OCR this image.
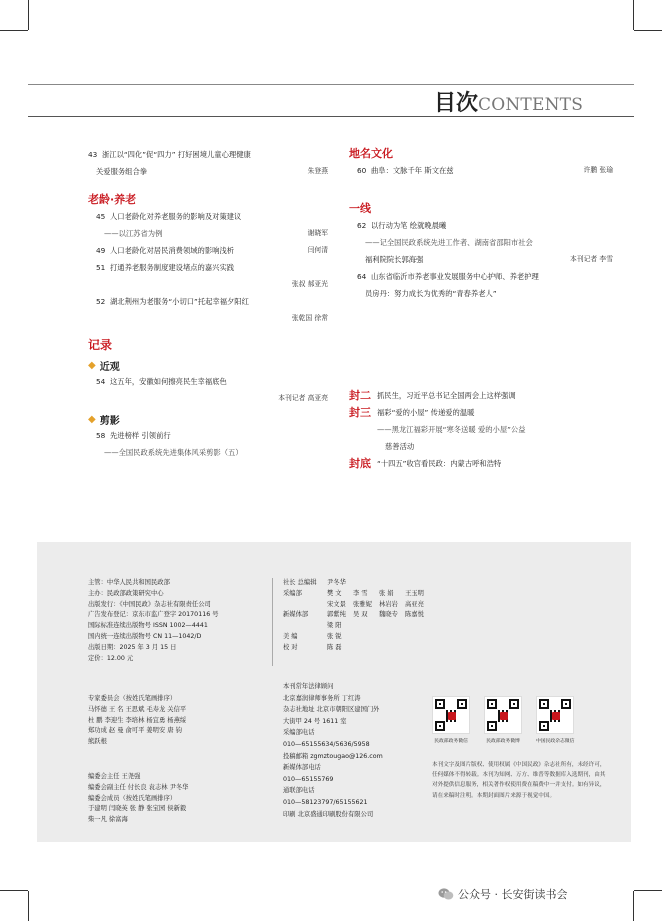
目次CONTENTS
43 浙江以“四化”促“四力” 打好困境儿童心理健康
关爱服务组合拳	朱登燕
老龄·养老
45 人口老龄化对养老服务的影响及对策建议
——以江苏省为例	谢晓军
49 人口老龄化对居民消费领域的影响浅析	闫何清
51 打通养老服务制度建设堵点的嘉兴实践
张叔 郝亚光
52 湖北荆州为老服务“小切口”托起幸福夕阳红
张乾国 徐常
记录
◆ 近观
54 这五年，安徽如何擦亮民生幸福底色
本刊记者 高亚亮
◆ 剪影
58 先进榜样 引领前行
——全国民政系统先进集体风采剪影（五）
地名文化
60 曲阜：文脉千年 斯文在兹	许鹏 张瑜
一线
62 以行动为笔 绘就晚晨曦
——记全国民政系统先进工作者、湖南省邵阳市社会
福利院院长郭海强	本刊记者 李雪
64 山东省临沂市养老事业发展服务中心护师、养老护理
员房丹：努力成长为优秀的“青春养老人”
封二 抓民生，习近平总书记全国两会上这样强调
封三 福彩“爱的小屋” 传递爱的温暖
——黑龙江福彩开展“寒冬送暖 爱的小屋”公益
慈善活动
封底 “十四五”收官看民政：内蒙古呼和浩特
主管：中华人民共和国民政部
主办：民政部政策研究中心
出版发行：《中国民政》杂志社有限责任公司
广告发布登记：京东市监广登字 20170116 号
国际标准连续出版物号 ISSN 1002—4441
国内统一连续出版物号 CN 11—1042/D
出版日期：2025 年 3 月 15 日
定价：12.00 元
专家委员会（按姓氏笔画排序）
马怀德 王 名 王思斌 毛寿龙 关信平
杜 鹏 李迎生 李培林 杨宜勇 杨燕绥
郑功成 赵 曼 俞可平 姜明安 唐 钧
熊跃根
编委会主任 王尧强
编委会副主任 付长良 袁志林 尹冬华
编委会成员（按姓氏笔画排序）
于建明 闫晓英 张 静 张宝园 侯新毅
柴一凡 徐富海
社长 总编辑	尹冬华
采编部	樊 文	李 雪	张 娟	王玉明
宋文景	张雅妮	林岩岩	高亚亮
新媒体部	郭紫纯	吴 双	魏晓专	陈嘉悦
梁 阳
美 编	张 锐
校 对	陈 磊
本刊常年法律顾问
北京嘉润律师事务所 丁红涛
杂志社地址 北京市朝阳区建国门外
大街甲 24 号 1611 室
采编部电话
010—65155634/5636/5958
投稿邮箱 zgmztougao@126.com
新媒体部电话
010—65155769
通联部电话
010—58123797/65155621
印刷 北京盛通印刷股份有限公司
民政部政务微信	民政部政务微博	中国民政杂志微信
本刊文字及图片版权、使用权属《中国民政》杂志社所有，未经许可，任何媒体不得转载。本刊为知网、万方、维普等数据库入选期刊，由其对外提供信息服务，相关著作权使用费在稿费中一并支付。如有异议，请在来稿时注明。本期封面图片来源于视觉中国。
公众号 · 长安街读书会
